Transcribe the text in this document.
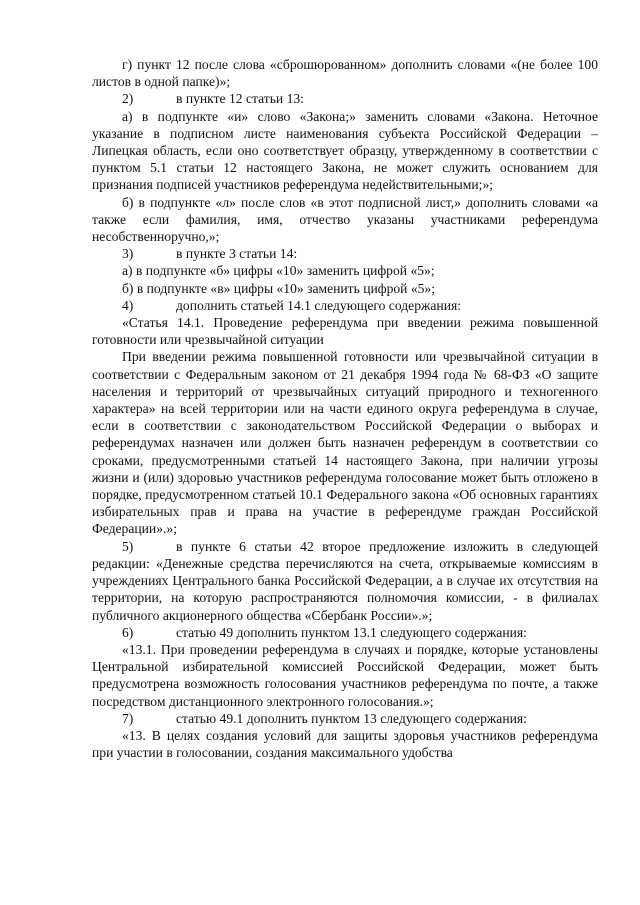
г) пункт 12 после слова «сброшюрованном» дополнить словами «(не более 100 листов в одной папке)»;

2)	в пункте 12 статьи 13:

а) в подпункте «и» слово «Закона;» заменить словами «Закона. Неточное указание в подписном листе наименования субъекта Российской Федерации – Липецкая область, если оно соответствует образцу, утвержденному в соответствии с пунктом 5.1 статьи 12 настоящего Закона, не может служить основанием для признания подписей участников референдума недействительными;»;

б) в подпункте «л» после слов «в этот подписной лист,» дополнить словами «а также если фамилия, имя, отчество указаны участниками референдума несобственноручно,»;

3)	в пункте 3 статьи 14:

а) в подпункте «б» цифры «10» заменить цифрой «5»;

б) в подпункте «в» цифры «10» заменить цифрой «5»;

4)	дополнить статьей 14.1 следующего содержания:

«Статья 14.1. Проведение референдума при введении режима повышенной готовности или чрезвычайной ситуации

При введении режима повышенной готовности или чрезвычайной ситуации в соответствии с Федеральным законом от 21 декабря 1994 года № 68-ФЗ «О защите населения и территорий от чрезвычайных ситуаций природного и техногенного характера» на всей территории или на части единого округа референдума в случае, если в соответствии с законодательством Российской Федерации о выборах и референдумах назначен или должен быть назначен референдум в соответствии со сроками, предусмотренными статьей 14 настоящего Закона, при наличии угрозы жизни и (или) здоровью участников референдума голосование может быть отложено в порядке, предусмотренном статьей 10.1 Федерального закона «Об основных гарантиях избирательных прав и права на участие в референдуме граждан Российской Федерации».»;

5)	в пункте 6 статьи 42 второе предложение изложить в следующей редакции: «Денежные средства перечисляются на счета, открываемые комиссиям в учреждениях Центрального банка Российской Федерации, а в случае их отсутствия на территории, на которую распространяются полномочия комиссии, - в филиалах публичного акционерного общества «Сбербанк России».»;

6)	статью 49 дополнить пунктом 13.1 следующего содержания:

«13.1. При проведении референдума в случаях и порядке, которые установлены Центральной избирательной комиссией Российской Федерации, может быть предусмотрена возможность голосования участников референдума по почте, а также посредством дистанционного электронного голосования.»;

7)	статью 49.1 дополнить пунктом 13 следующего содержания:

«13. В целях создания условий для защиты здоровья участников референдума при участии в голосовании, создания максимального удобства
